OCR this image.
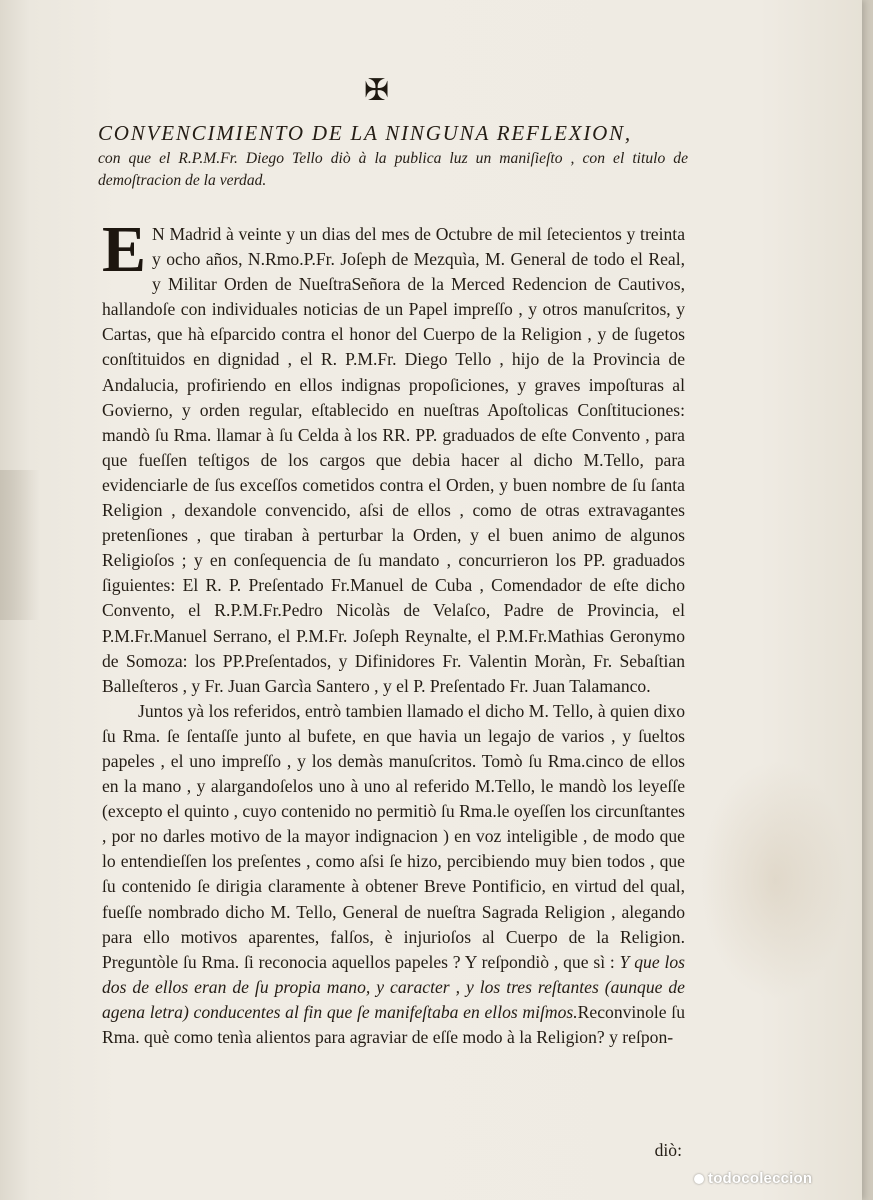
✠
CONVENCIMIENTO DE LA NINGUNA REFLEXION,
con que el R.P.M.Fr. Diego Tello diò à la publica luz un maniſieſto , con el titulo de demoſtracion de la verdad.

E N Madrid à veinte y un dias del mes de Octubre de mil ſetecientos y treinta y ocho años, N.Rmo.P.Fr. Joſeph de Mezquìa, M. General de todo el Real, y Militar Orden de NueſtraSeñora de la Merced Redencion de Cautivos, hallandoſe con individuales noticias de un Papel impreſſo , y otros manuſcritos, y Cartas, que hà eſparcido contra el honor del Cuerpo de la Religion , y de ſugetos conſtituidos en dignidad , el R. P.M.Fr. Diego Tello , hijo de la Provincia de Andalucia, profiriendo en ellos indignas propoſiciones, y graves impoſturas al Govierno, y orden regular, eſtablecido en nueſtras Apoſtolicas Conſtituciones: mandò ſu Rma. llamar à ſu Celda à los RR. PP. graduados de eſte Convento , para que fueſſen teſtigos de los cargos que debia hacer al dicho M.Tello, para evidenciarle de ſus exceſſos cometidos contra el Orden, y buen nombre de ſu ſanta Religion , dexandole convencido, aſsi de ellos , como de otras extravagantes pretenſiones , que tiraban à perturbar la Orden, y el buen animo de algunos Religioſos ; y en conſequencia de ſu mandato , concurrieron los PP. graduados ſiguientes: El R. P. Preſentado Fr.Manuel de Cuba , Comendador de eſte dicho Convento, el R.P.M.Fr.Pedro Nicolàs de Velaſco, Padre de Provincia, el P.M.Fr.Manuel Serrano, el P.M.Fr. Joſeph Reynalte, el P.M.Fr.Mathias Geronymo de Somoza: los PP.Preſentados, y Difinidores Fr. Valentin Moràn, Fr. Sebaſtian Balleſteros , y Fr. Juan Garcìa Santero , y el P. Preſentado Fr. Juan Talamanco.

Juntos yà los referidos, entrò tambien llamado el dicho M. Tello, à quien dixo ſu Rma. ſe ſentaſſe junto al bufete, en que havia un legajo de varios , y ſueltos papeles , el uno impreſſo , y los demàs manuſcritos. Tomò ſu Rma.cinco de ellos en la mano , y alargandoſelos uno à uno al referido M.Tello, le mandò los leyeſſe (excepto el quinto , cuyo contenido no permitiò ſu Rma.le oyeſſen los circunſtantes , por no darles motivo de la mayor indignacion ) en voz inteligible , de modo que lo entendieſſen los preſentes , como aſsi ſe hizo, percibiendo muy bien todos , que ſu contenido ſe dirigia claramente à obtener Breve Pontificio, en virtud del qual, fueſſe nombrado dicho M. Tello, General de nueſtra Sagrada Religion , alegando para ello motivos aparentes, falſos, è injurioſos al Cuerpo de la Religion. Preguntòle ſu Rma. ſi reconocia aquellos papeles ? Y reſpondiò , que sì : Y que los dos de ellos eran de ſu propia mano, y caracter , y los tres reſtantes (aunque de agena letra) conducentes al fin que ſe manifeſtaba en ellos miſmos.Reconvinole ſu Rma. què como tenìa alientos para agraviar de eſſe modo à la Religion? y reſpon-

diò:
todocoleccion
